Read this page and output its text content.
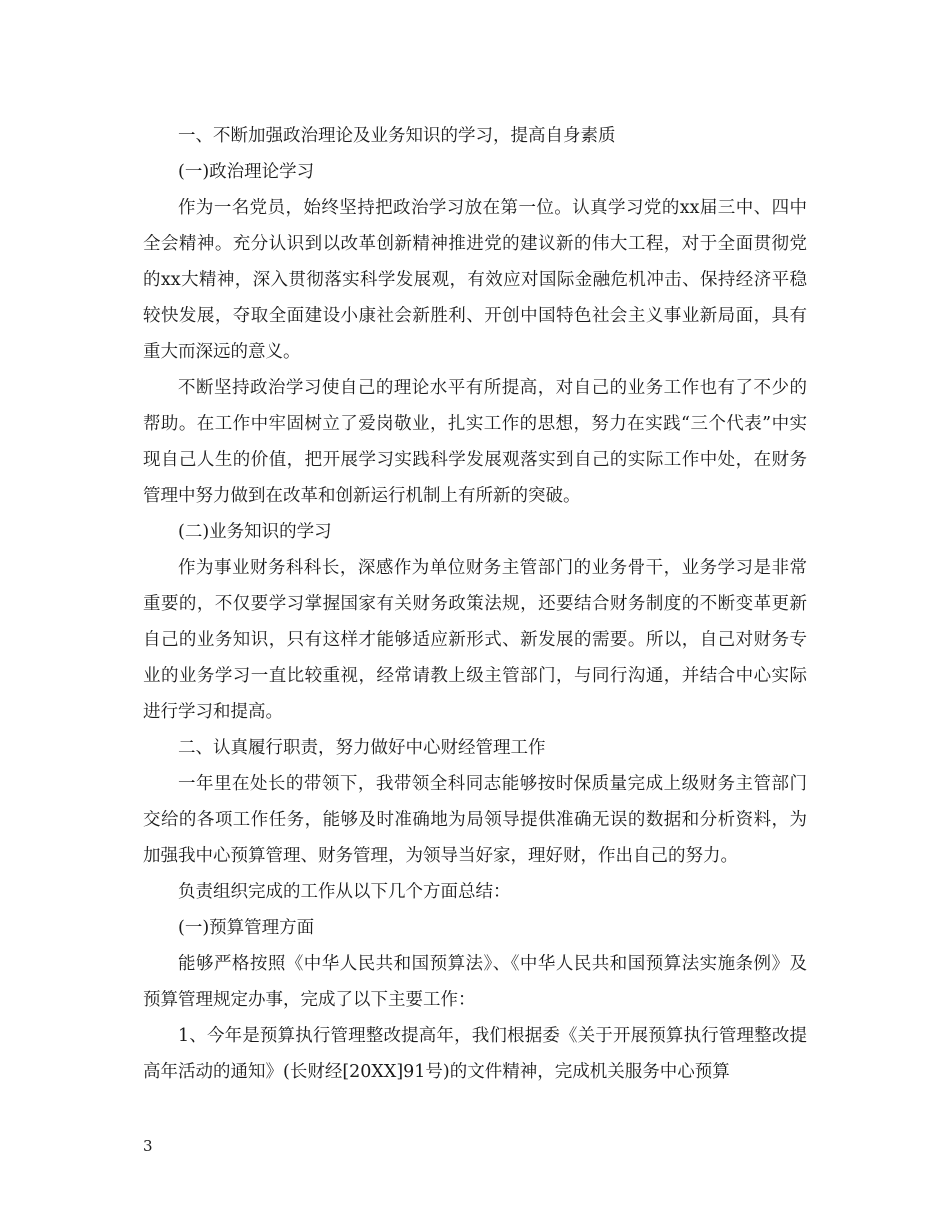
一、不断加强政治理论及业务知识的学习，提高自身素质

(一)政治理论学习

作为一名党员，始终坚持把政治学习放在第一位。认真学习党的xx届三中、四中全会精神。充分认识到以改革创新精神推进党的建议新的伟大工程，对于全面贯彻党的xx大精神，深入贯彻落实科学发展观，有效应对国际金融危机冲击、保持经济平稳较快发展，夺取全面建设小康社会新胜利、开创中国特色社会主义事业新局面，具有重大而深远的意义。

不断坚持政治学习使自己的理论水平有所提高，对自己的业务工作也有了不少的帮助。在工作中牢固树立了爱岗敬业，扎实工作的思想，努力在实践“三个代表”中实现自己人生的价值，把开展学习实践科学发展观落实到自己的实际工作中处，在财务管理中努力做到在改革和创新运行机制上有所新的突破。

(二)业务知识的学习

作为事业财务科科长，深感作为单位财务主管部门的业务骨干，业务学习是非常重要的，不仅要学习掌握国家有关财务政策法规，还要结合财务制度的不断变革更新自己的业务知识，只有这样才能够适应新形式、新发展的需要。所以，自己对财务专业的业务学习一直比较重视，经常请教上级主管部门，与同行沟通，并结合中心实际进行学习和提高。

二、认真履行职责，努力做好中心财经管理工作

一年里在处长的带领下，我带领全科同志能够按时保质量完成上级财务主管部门交给的各项工作任务，能够及时准确地为局领导提供准确无误的数据和分析资料，为加强我中心预算管理、财务管理，为领导当好家，理好财，作出自己的努力。

负责组织完成的工作从以下几个方面总结：

(一)预算管理方面

能够严格按照《中华人民共和国预算法》、《中华人民共和国预算法实施条例》及预算管理规定办事，完成了以下主要工作：

1、今年是预算执行管理整改提高年，我们根据委《关于开展预算执行管理整改提高年活动的通知》(长财经[20XX]91号)的文件精神，完成机关服务中心预算

3
